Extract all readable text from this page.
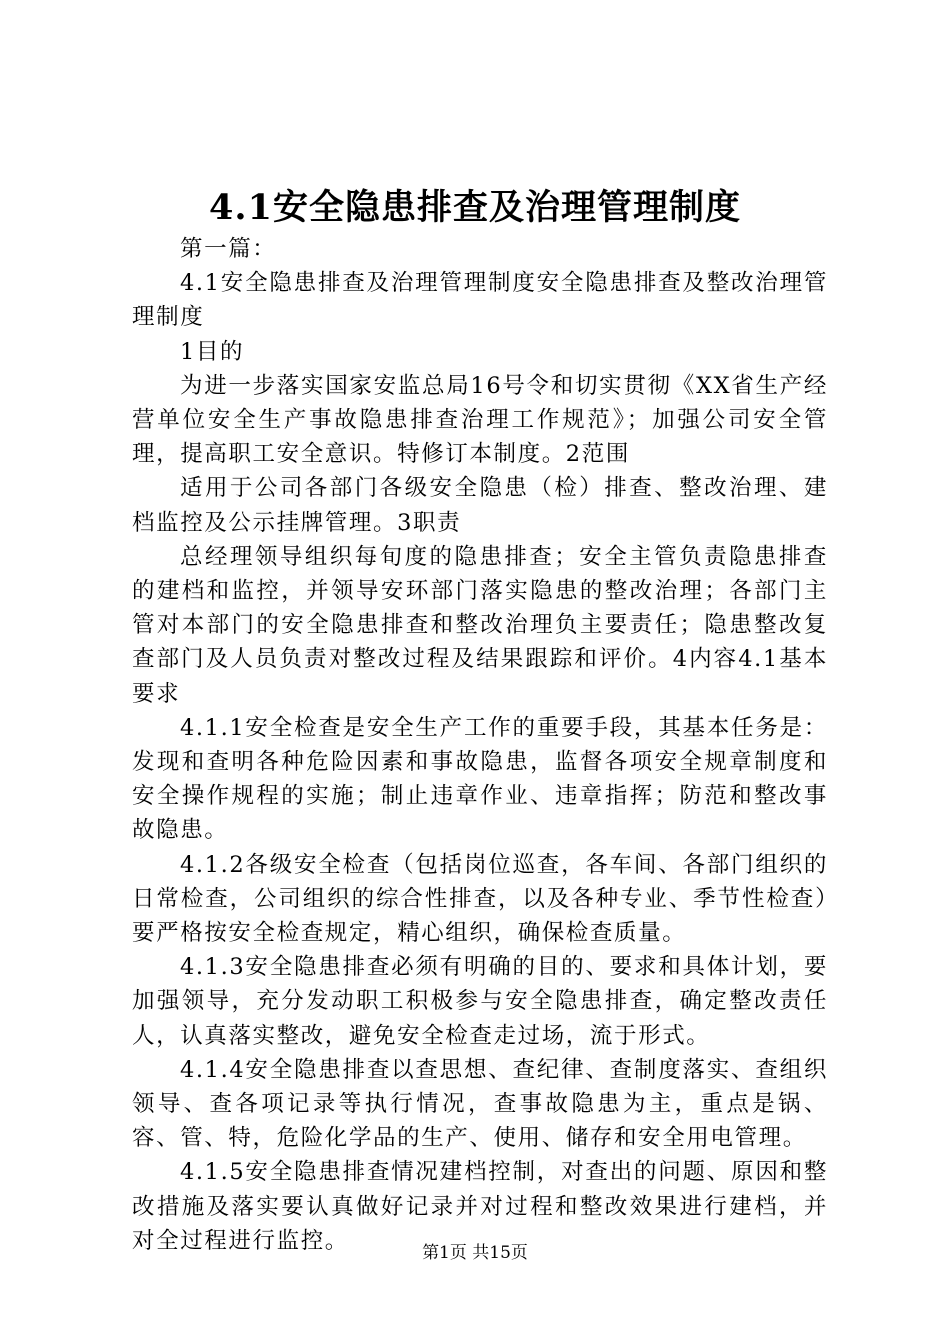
4.1安全隐患排查及治理管理制度

第一篇：

4.1安全隐患排查及治理管理制度安全隐患排查及整改治理管理制度

1目的

为进一步落实国家安监总局16号令和切实贯彻《XX省生产经营单位安全生产事故隐患排查治理工作规范》；加强公司安全管理，提高职工安全意识。特修订本制度。2范围

适用于公司各部门各级安全隐患（检）排查、整改治理、建档监控及公示挂牌管理。3职责

总经理领导组织每旬度的隐患排查；安全主管负责隐患排查的建档和监控，并领导安环部门落实隐患的整改治理；各部门主管对本部门的安全隐患排查和整改治理负主要责任；隐患整改复查部门及人员负责对整改过程及结果跟踪和评价。4内容4.1基本要求

4.1.1安全检查是安全生产工作的重要手段，其基本任务是：发现和查明各种危险因素和事故隐患，监督各项安全规章制度和安全操作规程的实施；制止违章作业、违章指挥；防范和整改事故隐患。

4.1.2各级安全检查（包括岗位巡查，各车间、各部门组织的日常检查，公司组织的综合性排查，以及各种专业、季节性检查）要严格按安全检查规定，精心组织，确保检查质量。

4.1.3安全隐患排查必须有明确的目的、要求和具体计划，要加强领导，充分发动职工积极参与安全隐患排查，确定整改责任人，认真落实整改，避免安全检查走过场，流于形式。

4.1.4安全隐患排查以查思想、查纪律、查制度落实、查组织领导、查各项记录等执行情况，查事故隐患为主，重点是锅、容、管、特，危险化学品的生产、使用、储存和安全用电管理。

4.1.5安全隐患排查情况建档控制，对查出的问题、原因和整改措施及落实要认真做好记录并对过程和整改效果进行建档，并对全过程进行监控。	第1页 共15页
